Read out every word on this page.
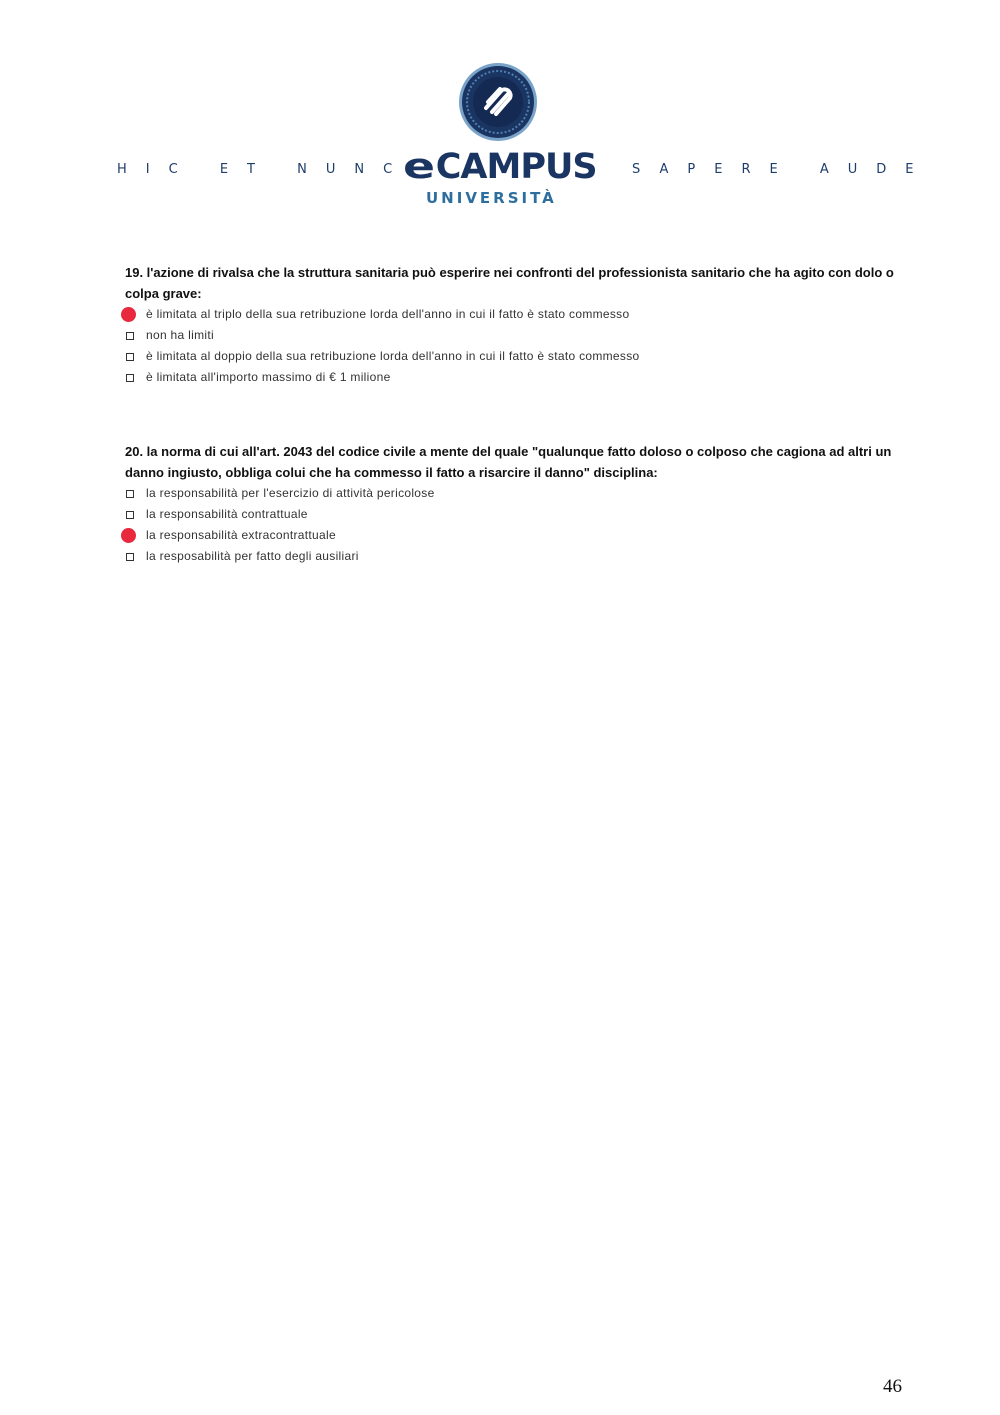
HIC ET NUNC
eCAMPUS
UNIVERSITÀ
SAPERE AUDE
19. l'azione di rivalsa che la struttura sanitaria può esperire nei confronti del professionista sanitario che ha agito con dolo o colpa grave:
è limitata al triplo della sua retribuzione lorda dell'anno in cui il fatto è stato commesso
non ha limiti
è limitata al doppio della sua retribuzione lorda dell'anno in cui il fatto è stato commesso
è limitata all'importo massimo di € 1 milione
20. la norma di cui all'art. 2043 del codice civile a mente del quale "qualunque fatto doloso o colposo che cagiona ad altri un danno ingiusto, obbliga colui che ha commesso il fatto a risarcire il danno" disciplina:
la responsabilità per l'esercizio di attività pericolose
la responsabilità contrattuale
la responsabilità extracontrattuale
la resposabilità per fatto degli ausiliari
46
